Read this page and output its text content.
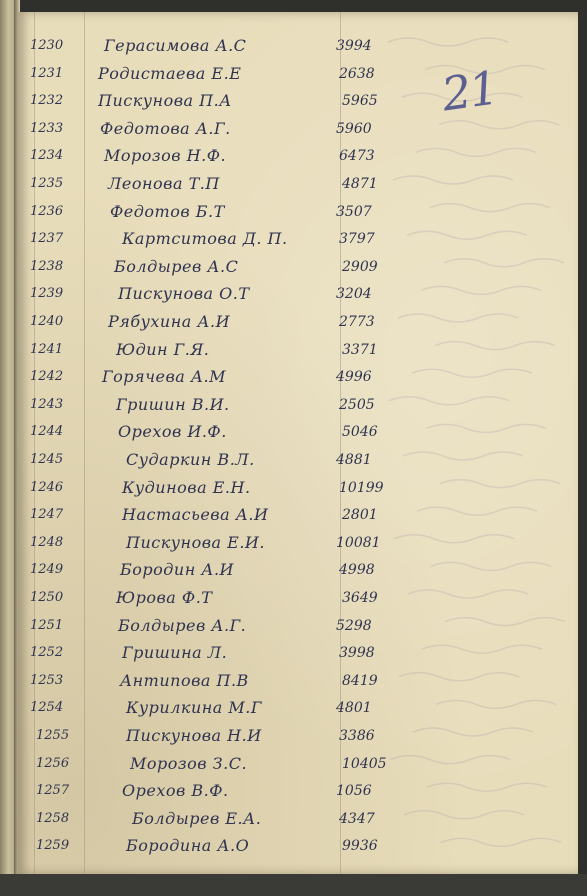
21
1230	Герасимова А.С	3994
1231	Родистаева Е.Е	2638
1232	Пискунова П.А	5965
1233	Федотова А.Г.	5960
1234	Морозов Н.Ф.	6473
1235	Леонова Т.П	4871
1236	Федотов Б.Т	3507
1237	Картситова Д. П.	3797
1238	Болдырев А.С	2909
1239	Пискунова О.Т	3204
1240	Рябухина А.И	2773
1241	Юдин Г.Я.	3371
1242	Горячева А.М	4996
1243	Гришин В.И.	2505
1244	Орехов И.Ф.	5046
1245	Сударкин В.Л.	4881
1246	Кудинова Е.Н.	10199
1247	Настасьева А.И	2801
1248	Пискунова Е.И.	10081
1249	Бородин А.И	4998
1250	Юрова Ф.Т	3649
1251	Болдырев А.Г.	5298
1252	Гришина Л.	3998
1253	Антипова П.В	8419
1254	Курилкина М.Г	4801
1255	Пискунова Н.И	3386
1256	Морозов З.С.	10405
1257	Орехов В.Ф.	1056
1258	Болдырев Е.А.	4347
1259	Бородина А.О	9936
